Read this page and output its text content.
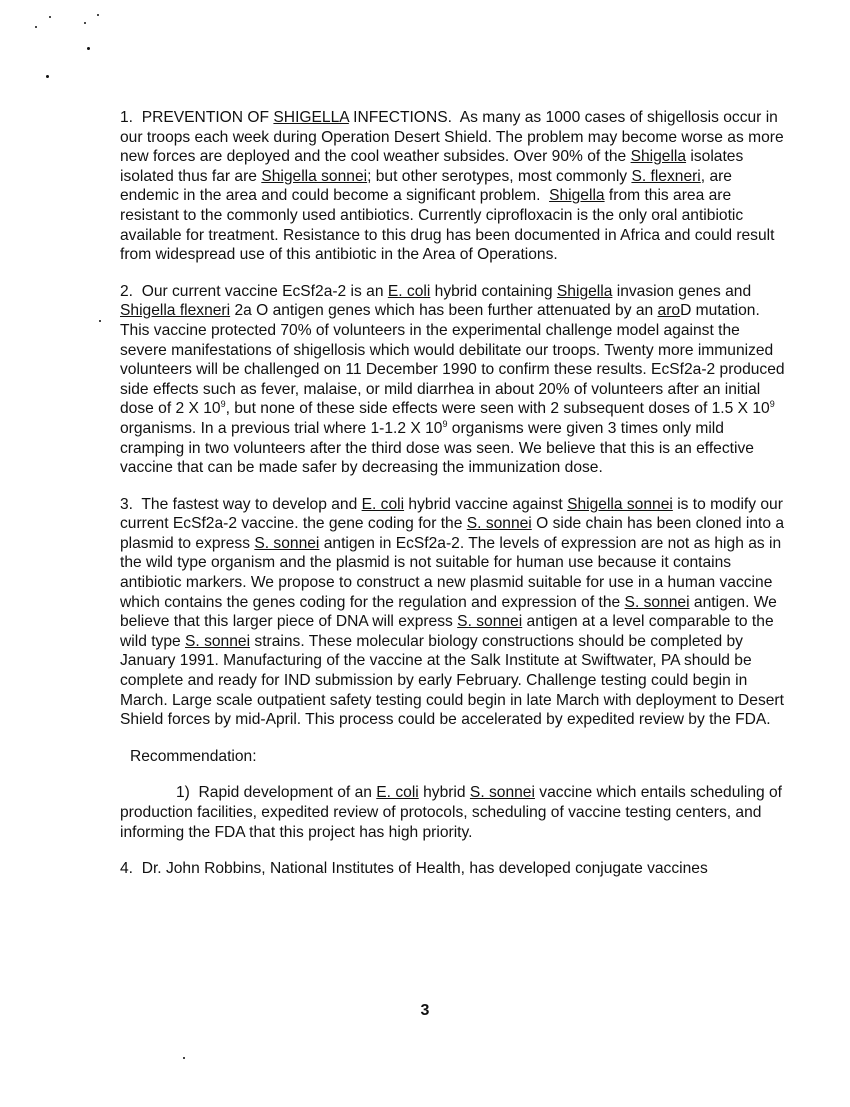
1. PREVENTION OF SHIGELLA INFECTIONS. As many as 1000 cases of shigellosis occur in our troops each week during Operation Desert Shield. The problem may become worse as more new forces are deployed and the cool weather subsides. Over 90% of the Shigella isolates isolated thus far are Shigella sonnei; but other serotypes, most commonly S. flexneri, are endemic in the area and could become a significant problem. Shigella from this area are resistant to the commonly used antibiotics. Currently ciprofloxacin is the only oral antibiotic available for treatment. Resistance to this drug has been documented in Africa and could result from widespread use of this antibiotic in the Area of Operations.

2. Our current vaccine EcSf2a-2 is an E. coli hybrid containing Shigella invasion genes and Shigella flexneri 2a O antigen genes which has been further attenuated by an aroD mutation. This vaccine protected 70% of volunteers in the experimental challenge model against the severe manifestations of shigellosis which would debilitate our troops. Twenty more immunized volunteers will be challenged on 11 December 1990 to confirm these results. EcSf2a-2 produced side effects such as fever, malaise, or mild diarrhea in about 20% of volunteers after an initial dose of 2 X $10^9$, but none of these side effects were seen with 2 subsequent doses of 1.5 X $10^9$ organisms. In a previous trial where 1-1.2 X $10^9$ organisms were given 3 times only mild cramping in two volunteers after the third dose was seen. We believe that this is an effective vaccine that can be made safer by decreasing the immunization dose.

3. The fastest way to develop and E. coli hybrid vaccine against Shigella sonnei is to modify our current EcSf2a-2 vaccine. the gene coding for the S. sonnei O side chain has been cloned into a plasmid to express S. sonnei antigen in EcSf2a-2. The levels of expression are not as high as in the wild type organism and the plasmid is not suitable for human use because it contains antibiotic markers. We propose to construct a new plasmid suitable for use in a human vaccine which contains the genes coding for the regulation and expression of the S. sonnei antigen. We believe that this larger piece of DNA will express S. sonnei antigen at a level comparable to the wild type S. sonnei strains. These molecular biology constructions should be completed by January 1991. Manufacturing of the vaccine at the Salk Institute at Swiftwater, PA should be complete and ready for IND submission by early February. Challenge testing could begin in March. Large scale outpatient safety testing could begin in late March with deployment to Desert Shield forces by mid-April. This process could be accelerated by expedited review by the FDA.

Recommendation:

1) Rapid development of an E. coli hybrid S. sonnei vaccine which entails scheduling of production facilities, expedited review of protocols, scheduling of vaccine testing centers, and informing the FDA that this project has high priority.

4. Dr. John Robbins, National Institutes of Health, has developed conjugate vaccines

3
